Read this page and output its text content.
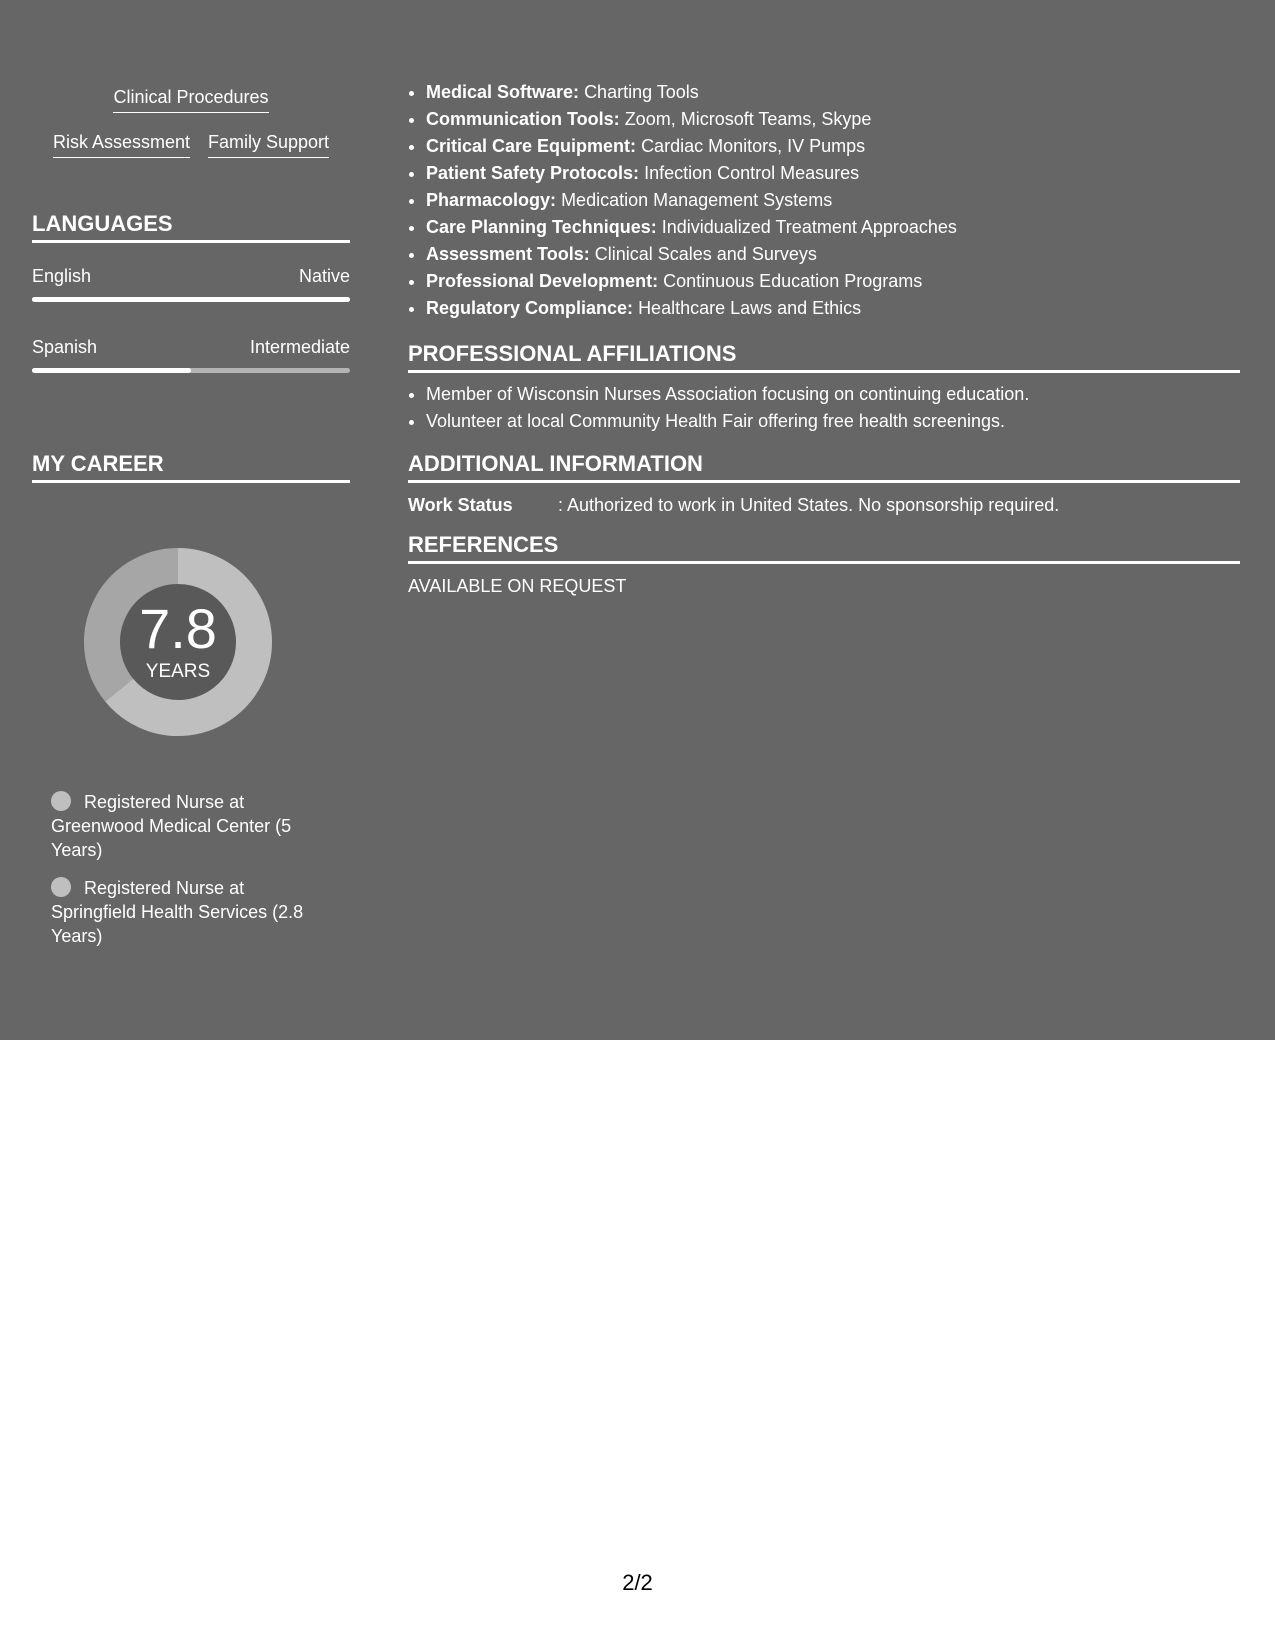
Clinical Procedures
Risk Assessment Family Support
LANGUAGES
English	Native
Spanish	Intermediate
MY CAREER
7.8
YEARS
Registered Nurse at Greenwood Medical Center (5 Years)
Registered Nurse at Springfield Health Services (2.8 Years)
• Medical Software: Charting Tools
• Communication Tools: Zoom, Microsoft Teams, Skype
• Critical Care Equipment: Cardiac Monitors, IV Pumps
• Patient Safety Protocols: Infection Control Measures
• Pharmacology: Medication Management Systems
• Care Planning Techniques: Individualized Treatment Approaches
• Assessment Tools: Clinical Scales and Surveys
• Professional Development: Continuous Education Programs
• Regulatory Compliance: Healthcare Laws and Ethics
PROFESSIONAL AFFILIATIONS
• Member of Wisconsin Nurses Association focusing on continuing education.
• Volunteer at local Community Health Fair offering free health screenings.
ADDITIONAL INFORMATION
Work Status	: Authorized to work in United States. No sponsorship required.
REFERENCES
AVAILABLE ON REQUEST
2/2
